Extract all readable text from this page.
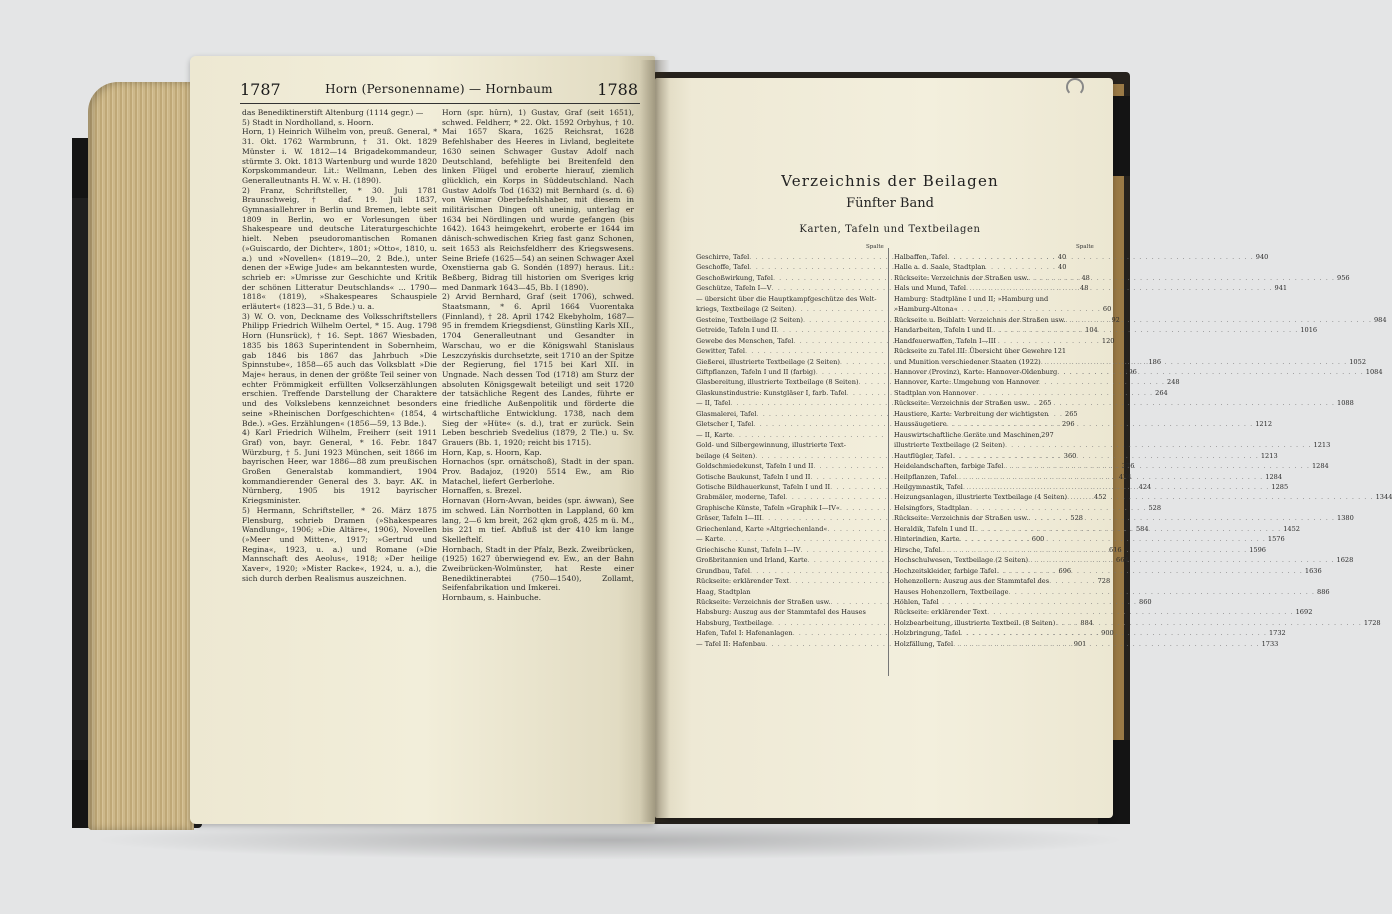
1787	Horn (Personenname) — Hornbaum	1788

das Benediktinerstift Altenburg (1114 gegr.) —

5) Stadt in Nordholland, s. Hoorn.

Horn, 1) Heinrich Wilhelm von, preuß. General, * 31. Okt. 1762 Warmbrunn, † 31. Okt. 1829 Münster i. W. 1812—14 Brigadekommandeur, stürmte 3. Okt. 1813 Wartenburg und wurde 1820 Korpskommandeur. Lit.: Wellmann, Leben des Generalleutnants H. W. v. H. (1890).

2) Franz, Schriftsteller, * 30. Juli 1781 Braunschweig, † daf. 19. Juli 1837, Gymnasiallehrer in Berlin und Bremen, lebte seit 1809 in Berlin, wo er Vorlesungen über Shakespeare und deutsche Literaturgeschichte hielt. Neben pseudoromantischen Romanen (»Guiscardo, der Dichter«, 1801; »Otto«, 1810, u. a.) und »Novellen« (1819—20, 2 Bde.), unter denen der »Ewige Jude« am bekanntesten wurde, schrieb er: »Umrisse zur Geschichte und Kritik der schönen Litteratur Deutschlands« ... 1790—1818« (1819), »Shakespeares Schauspiele erläutert« (1823—31, 5 Bde.) u. a.

3) W. O. von, Deckname des Volksschriftstellers Philipp Friedrich Wilhelm Oertel, * 15. Aug. 1798 Horn (Hunsrück), † 16. Sept. 1867 Wiesbaden, 1835 bis 1863 Superintendent in Sobernheim, gab 1846 bis 1867 das Jahrbuch »Die Spinnstube«, 1858—65 auch das Volksblatt »Die Maje« heraus, in denen der größte Teil seiner von echter Frömmigkeit erfüllten Volkserzählungen erschien. Treffende Darstellung der Charaktere und des Volkslebens kennzeichnet besonders seine »Rheinischen Dorfgeschichten« (1854, 4 Bde.). »Ges. Erzählungen« (1856—59, 13 Bde.).

4) Karl Friedrich Wilhelm, Freiherr (seit 1911 Graf) von, bayr. General, * 16. Febr. 1847 Würzburg, † 5. Juni 1923 München, seit 1866 im bayrischen Heer, war 1886—88 zum preußischen Großen Generalstab kommandiert, 1904 kommandierender General des 3. bayr. AK. in Nürnberg, 1905 bis 1912 bayrischer Kriegsminister.

5) Hermann, Schriftsteller, * 26. März 1875 Flensburg, schrieb Dramen (»Shakespeares Wandlung«, 1906; »Die Altäre«, 1906), Novellen (»Meer und Mitten«, 1917; »Gertrud und Regina«, 1923, u. a.) und Romane (»Die Mannschaft des Aeolus«, 1918; »Der heilige Xaver«, 1920; »Mister Racke«, 1924, u. a.), die sich durch derben Realismus auszeichnen.

Horn (spr. hûrn), 1) Gustav, Graf (seit 1651), schwed. Feldherr, * 22. Okt. 1592 Orbyhus, † 10. Mai 1657 Skara, 1625 Reichsrat, 1628 Befehlshaber des Heeres in Livland, begleitete 1630 seinen Schwager Gustav Adolf nach Deutschland, befehligte bei Breitenfeld den linken Flügel und eroberte hierauf, ziemlich glücklich, ein Korps in Süddeutschland. Nach Gustav Adolfs Tod (1632) mit Bernhard (s. d. 6) von Weimar Oberbefehlshaber, mit diesem in militärischen Dingen oft uneinig, unterlag er 1634 bei Nördlingen und wurde gefangen (bis 1642). 1643 heimgekehrt, eroberte er 1644 im dänisch-schwedischen Krieg fast ganz Schonen, seit 1653 als Reichsfeldherr des Kriegswesens. Seine Briefe (1625—54) an seinen Schwager Axel Oxenstierna gab G. Sondén (1897) heraus. Lit.: Beßberg, Bidrag till historien om Sveriges krig med Danmark 1643—45, Bb. I (1890).

2) Arvid Bernhard, Graf (seit 1706), schwed. Staatsmann, * 6. April 1664 Vuorentaka (Finnland), † 28. April 1742 Ekebyholm, 1687—95 in fremdem Kriegsdienst, Günstling Karls XII., 1704 Generalleutnant und Gesandter in Warschau, wo er die Königswahl Stanislaus Leszczyńskis durchsetzte, seit 1710 an der Spitze der Regierung, fiel 1715 bei Karl XII. in Ungnade. Nach dessen Tod (1718) am Sturz der absoluten Königsgewalt beteiligt und seit 1720 der tatsächliche Regent des Landes, führte er eine friedliche Außenpolitik und förderte die wirtschaftliche Entwicklung. 1738, nach dem Sieg der »Hüte« (s. d.), trat er zurück. Sein Leben beschrieb Svedelius (1879, 2 Tle.) u. Sv. Grauers (Bb. 1, 1920; reicht bis 1715).

Horn, Kap, s. Hoorn, Kap.

Hornachos (spr. ornátschoß), Stadt in der span. Prov. Badajoz, (1920) 5514 Ew., am Rio Matachel, liefert Gerberlohe.

Hornaffen, s. Brezel.

Hornavan (Horn-Avvan, beides (spr. áwwan), See im schwed. Län Norrbotten in Lappland, 60 km lang, 2—6 km breit, 262 qkm groß, 425 m ü. M., bis 221 m tief. Abfluß ist der 410 km lange Skelleftelf.

Hornbach, Stadt in der Pfalz, Bezk. Zweibrücken, (1925) 1627 überwiegend ev. Ew., an der Bahn Zweibrücken-Wolmünster, hat Reste einer Benediktinerabtei (750—1540), Zollamt, Seifenfabrikation und Imkerei.

Hornbaum, s. Hainbuche.

Verzeichnis der Beilagen
Fünfter Band
Karten, Tafeln und Textbeilagen
Spalte	Spalte
Geschirre, Tafel . . .	40
Geschoffe, Tafel . . .	40
Geschoßwirkung, Tafel . . .	48
Geschütze, Tafeln I—V . . .	48
— übersicht über die Hauptkampfgeschütze des Welt-
kriegs, Textbeilage (2 Seiten) . . .	60
Gesteine, Textbeilage (2 Seiten) . . .	92
Getreide, Tafeln I und II . . .	104
Gewebe des Menschen, Tafel . . .	120
Gewitter, Tafel . . .	121
Gießerei, illustrierte Textbeilage (2 Seiten) . . .	186
Giftpflanzen, Tafeln I und II (farbig) . . .	196
Glasbereitung, illustrierte Textbeilage (8 Seiten) . . .	248
Glaskunstindustrie: Kunstgläser I, farb. Tafel . . .	264
— II, Tafel . . .	265
Glasmalerei, Tafel . . .	265
Gletscher I, Tafel . . .	296
— II, Karte . . .	297
Gold- und Silbergewinnung, illustrierte Text-
beilage (4 Seiten) . . .	360
Goldschmiedekunst, Tafeln I und II . . .	376
Gotische Baukunst, Tafeln I und II . . .	424
Gotische Bildhauerkunst, Tafeln I und II . . .	424
Grabmäler, moderne, Tafel . . .	452
Graphische Künste, Tafeln »Graphik I—IV« . . .	528
Gräser, Tafeln I—III . . .	528
Griechenland, Karte »Altgriechenland« . . .	584
— Karte . . .	600
Griechische Kunst, Tafeln I—IV . . .	616
Großbritannien und Irland, Karte . . .	664
Grundbau, Tafel . . .	696
Rückseite: erklärender Text . . .	728
Haag, Stadtplan
Rückseite: Verzeichnis der Straßen usw. . . .	860
Habsburg: Auszug aus der Stammtafel des Hauses
Habsburg, Textbeilage . . .	884
Hafen, Tafel I: Hafenanlagen . . .	900
— Tafel II: Hafenbau . . .	901
Halbaffen, Tafel . . .	940
Halle a. d. Saale, Stadtplan
Rückseite: Verzeichnis der Straßen usw. . . .	956
Hals und Mund, Tafel . . .	941
Hamburg: Stadtpläne I und II; »Hamburg und
»Hamburg-Altona«
Rückseite u. Beiblatt: Verzeichnis der Straßen usw. . . .	984
Handarbeiten, Tafeln I und II . . .	1016
Handfeuerwaffen, Tafeln I—III
Rückseite zu Tafel III: Übersicht über Gewehre
und Munition verschiedener Staaten (1922) . . .	1052
Hannover (Provinz), Karte: Hannover-Oldenburg . . .	1084
Hannover, Karte: Umgebung von Hannover
Stadtplan von Hannover
Rückseite: Verzeichnis der Straßen usw. . . .	1088
Haustiere, Karte: Verbreitung der wichtigsten
Haussäugetiere . . .	1212
Hauswirtschaftliche Geräte und Maschinen,
illustrierte Textbeilage (2 Seiten) . . .	1213
Hautflügler, Tafel . . .	1213
Heidelandschaften, farbige Tafel . . .	1284
Heilpflanzen, Tafel . . .	1284
Heilgymnastik, Tafel . . .	1285
Heizungsanlagen, illustrierte Textbeilage (4 Seiten) . . .	1344
Helsingfors, Stadtplan
Rückseite: Verzeichnis der Straßen usw. . . .	1380
Heraldik, Tafeln I und II . . .	1452
Hinterindien, Karte . . .	1576
Hirsche, Tafel . . .	1596
Hochschulwesen, Textbeilage (2 Seiten) . . .	1628
Hochzeitskleider, farbige Tafel . . .	1636
Hohenzollern: Auszug aus der Stammtafel des
Hauses Hohenzollern, Textbeilage . . .	886
Höhlen, Tafel
Rückseite: erklärender Text . . .	1692
Holzbearbeitung, illustrierte Textbeil. (8 Seiten) . . .	1728
Holzbringung, Tafel . . .	1732
Holzfällung, Tafel . . .	1733
